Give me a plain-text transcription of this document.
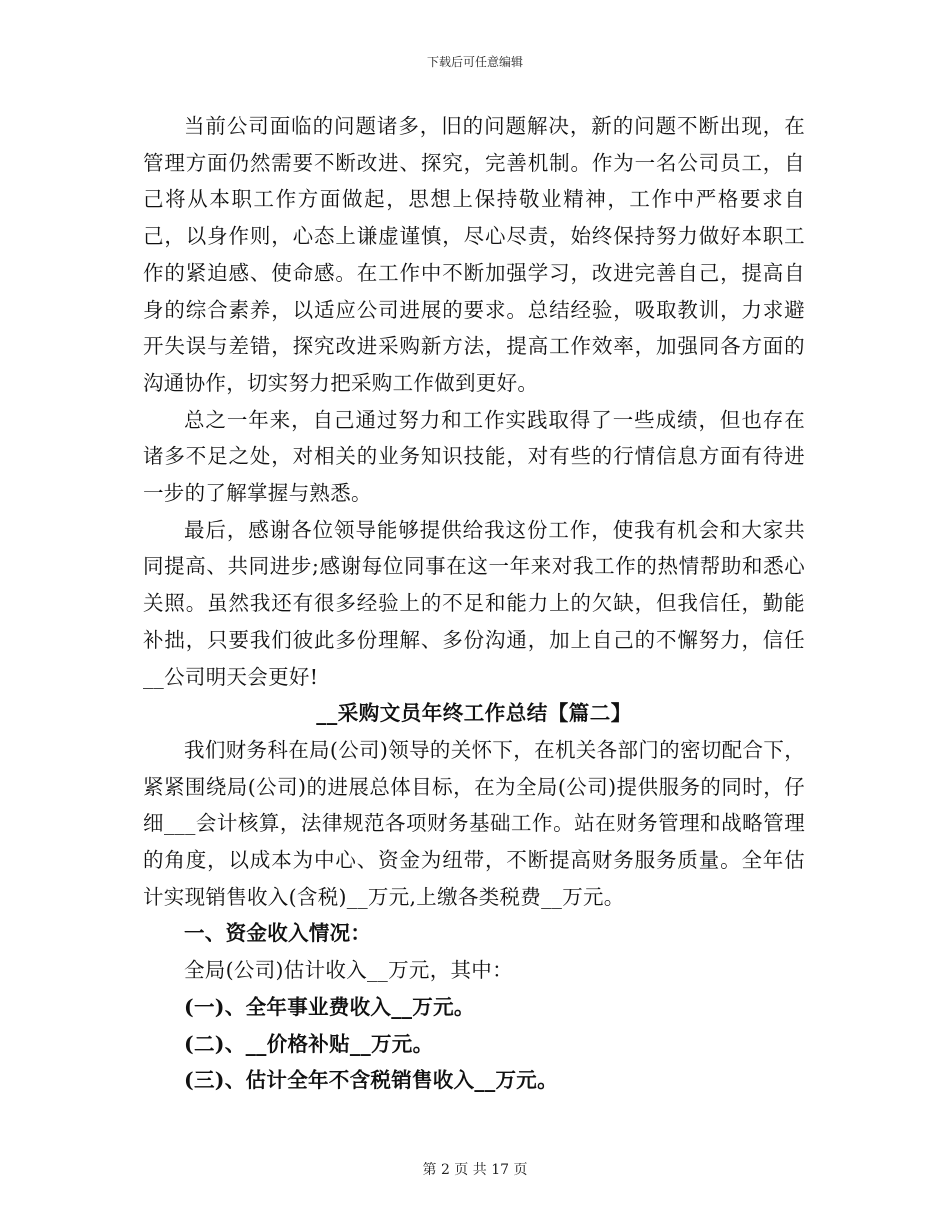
下载后可任意编辑

当前公司面临的问题诸多，旧的问题解决，新的问题不断出现，在管理方面仍然需要不断改进、探究，完善机制。作为一名公司员工，自己将从本职工作方面做起，思想上保持敬业精神，工作中严格要求自己，以身作则，心态上谦虚谨慎，尽心尽责，始终保持努力做好本职工作的紧迫感、使命感。在工作中不断加强学习，改进完善自己，提高自身的综合素养，以适应公司进展的要求。总结经验，吸取教训，力求避开失误与差错，探究改进采购新方法，提高工作效率，加强同各方面的沟通协作，切实努力把采购工作做到更好。

总之一年来，自己通过努力和工作实践取得了一些成绩，但也存在诸多不足之处，对相关的业务知识技能，对有些的行情信息方面有待进一步的了解掌握与熟悉。

最后，感谢各位领导能够提供给我这份工作，使我有机会和大家共同提高、共同进步;感谢每位同事在这一年来对我工作的热情帮助和悉心关照。虽然我还有很多经验上的不足和能力上的欠缺，但我信任，勤能补拙，只要我们彼此多份理解、多份沟通，加上自己的不懈努力，信任__公司明天会更好!

__采购文员年终工作总结【篇二】

我们财务科在局(公司)领导的关怀下，在机关各部门的密切配合下，紧紧围绕局(公司)的进展总体目标，在为全局(公司)提供服务的同时，仔细___会计核算，法律规范各项财务基础工作。站在财务管理和战略管理的角度，以成本为中心、资金为纽带，不断提高财务服务质量。全年估计实现销售收入(含税)__万元,上缴各类税费__万元。

一、资金收入情况：

全局(公司)估计收入__万元，其中：

(一)、全年事业费收入__万元。

(二)、__价格补贴__万元。

(三)、估计全年不含税销售收入__万元。

第 2 页 共 17 页
